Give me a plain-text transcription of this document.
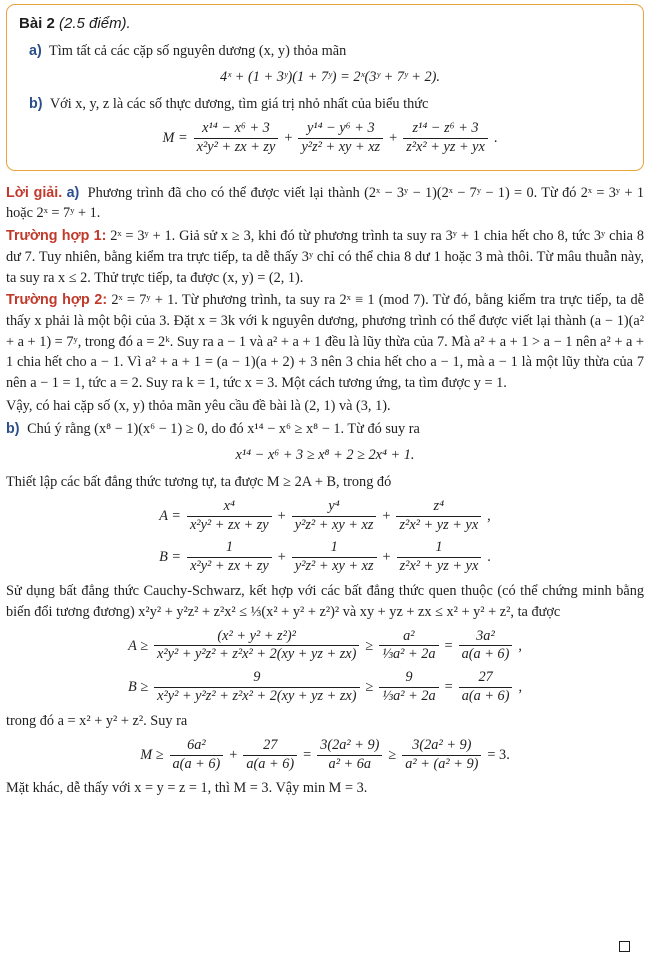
Bài 2 (2.5 điểm).
a) Tìm tất cả các cặp số nguyên dương (x, y) thỏa mãn
4ˣ + (1 + 3ʸ)(1 + 7ʸ) = 2ˣ(3ʸ + 7ʸ + 2).
b) Với x, y, z là các số thực dương, tìm giá trị nhỏ nhất của biểu thức
$M = \frac{\text{x¹⁴ − x⁶ + 3}}{\text{x²y² + zx + zy}} + \frac{\text{y¹⁴ − y⁶ + 3}}{\text{y²z² + xy + xz}} + \frac{\text{z¹⁴ − z⁶ + 3}}{\text{z²x² + yz + yx}}$ .

Lời giải. a) Phương trình đã cho có thể được viết lại thành (2ˣ − 3ʸ − 1)(2ˣ − 7ʸ − 1) = 0. Từ đó 2ˣ = 3ʸ + 1 hoặc 2ˣ = 7ʸ + 1.

Trường hợp 1: 2ˣ = 3ʸ + 1. Giả sử x ≥ 3, khi đó từ phương trình ta suy ra 3ʸ + 1 chia hết cho 8, tức 3ʸ chia 8 dư 7. Tuy nhiên, bằng kiểm tra trực tiếp, ta dễ thấy 3ʸ chỉ có thể chia 8 dư 1 hoặc 3 mà thôi. Từ mâu thuẫn này, ta suy ra x ≤ 2. Thử trực tiếp, ta được (x, y) = (2, 1).

Trường hợp 2: 2ˣ = 7ʸ + 1. Từ phương trình, ta suy ra 2ˣ ≡ 1 (mod 7). Từ đó, bằng kiểm tra trực tiếp, ta dễ thấy x phải là một bội của 3. Đặt x = 3k với k nguyên dương, phương trình có thể được viết lại thành (a − 1)(a² + a + 1) = 7ʸ, trong đó a = 2ᵏ. Suy ra a − 1 và a² + a + 1 đều là lũy thừa của 7. Mà a² + a + 1 > a − 1 nên a² + a + 1 chia hết cho a − 1. Vì a² + a + 1 = (a − 1)(a + 2) + 3 nên 3 chia hết cho a − 1, mà a − 1 là một lũy thừa của 7 nên a − 1 = 1, tức a = 2. Suy ra k = 1, tức x = 3. Một cách tương ứng, ta tìm được y = 1.

Vậy, có hai cặp số (x, y) thỏa mãn yêu cầu đề bài là (2, 1) và (3, 1).

b) Chú ý rằng (x⁸ − 1)(x⁶ − 1) ≥ 0, do đó x¹⁴ − x⁶ ≥ x⁸ − 1. Từ đó suy ra

x¹⁴ − x⁶ + 3 ≥ x⁸ + 2 ≥ 2x⁴ + 1.

Thiết lập các bất đẳng thức tương tự, ta được M ≥ 2A + B, trong đó

$A = \frac{\text{x⁴}}{\text{x²y² + zx + zy}} + \frac{\text{y⁴}}{\text{y²z² + xy + xz}} + \frac{\text{z⁴}}{\text{z²x² + yz + yx}}$ ,
$B = \frac{1}{\text{x²y² + zx + zy}} + \frac{1}{\text{y²z² + xy + xz}} + \frac{1}{\text{z²x² + yz + yx}}$ .

Sử dụng bất đẳng thức Cauchy-Schwarz, kết hợp với các bất đẳng thức quen thuộc (có thể chứng minh bằng biến đổi tương đương) x²y² + y²z² + z²x² ≤ ⅓(x² + y² + z²)² và xy + yz + zx ≤ x² + y² + z², ta được

$A \ge \frac{\text{(x² + y² + z²)²}}{\text{x²y² + y²z² + z²x² + 2(xy + yz + zx)}} \ge \frac{\text{a²}}{\text{⅓a² + 2a}} = \frac{\text{3a²}}{a(a + 6)}$ ,
$B \ge \frac{9}{\text{x²y² + y²z² + z²x² + 2(xy + yz + zx)}} \ge \frac{9}{\text{⅓a² + 2a}} = \frac{27}{a(a + 6)}$ ,

trong đó a = x² + y² + z². Suy ra

$M \ge \frac{\text{6a²}}{a(a + 6)} + \frac{27}{a(a + 6)} = \frac{\text{3(2a² + 9)}}{\text{a² + 6a}} \ge \frac{\text{3(2a² + 9)}}{\text{a² + (a² + 9)}} = 3$.

Mặt khác, dễ thấy với x = y = z = 1, thì M = 3. Vậy min M = 3.
